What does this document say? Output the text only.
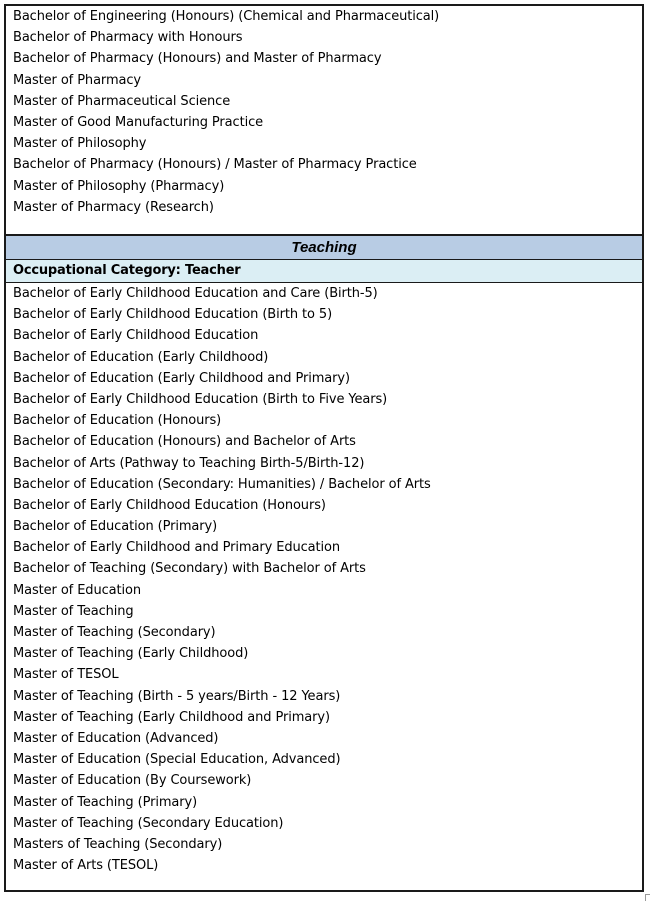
Bachelor of Engineering (Honours) (Chemical and Pharmaceutical)
Bachelor of Pharmacy with Honours
Bachelor of Pharmacy (Honours) and Master of Pharmacy
Master of Pharmacy
Master of Pharmaceutical Science
Master of Good Manufacturing Practice
Master of Philosophy
Bachelor of Pharmacy (Honours) / Master of Pharmacy Practice
Master of Philosophy (Pharmacy)
Master of Pharmacy (Research)
Teaching
Occupational Category: Teacher
Bachelor of Early Childhood Education and Care (Birth-5)
Bachelor of Early Childhood Education (Birth to 5)
Bachelor of Early Childhood Education
Bachelor of Education (Early Childhood)
Bachelor of Education (Early Childhood and Primary)
Bachelor of Early Childhood Education (Birth to Five Years)
Bachelor of Education (Honours)
Bachelor of Education (Honours) and Bachelor of Arts
Bachelor of Arts (Pathway to Teaching Birth-5/Birth-12)
Bachelor of Education (Secondary: Humanities) / Bachelor of Arts
Bachelor of Early Childhood Education (Honours)
Bachelor of Education (Primary)
Bachelor of Early Childhood and Primary Education
Bachelor of Teaching (Secondary) with Bachelor of Arts
Master of Education
Master of Teaching
Master of Teaching (Secondary)
Master of Teaching (Early Childhood)
Master of TESOL
Master of Teaching (Birth - 5 years/Birth - 12 Years)
Master of Teaching (Early Childhood and Primary)
Master of Education (Advanced)
Master of Education (Special Education, Advanced)
Master of Education (By Coursework)
Master of Teaching (Primary)
Master of Teaching (Secondary Education)
Masters of Teaching (Secondary)
Master of Arts (TESOL)
